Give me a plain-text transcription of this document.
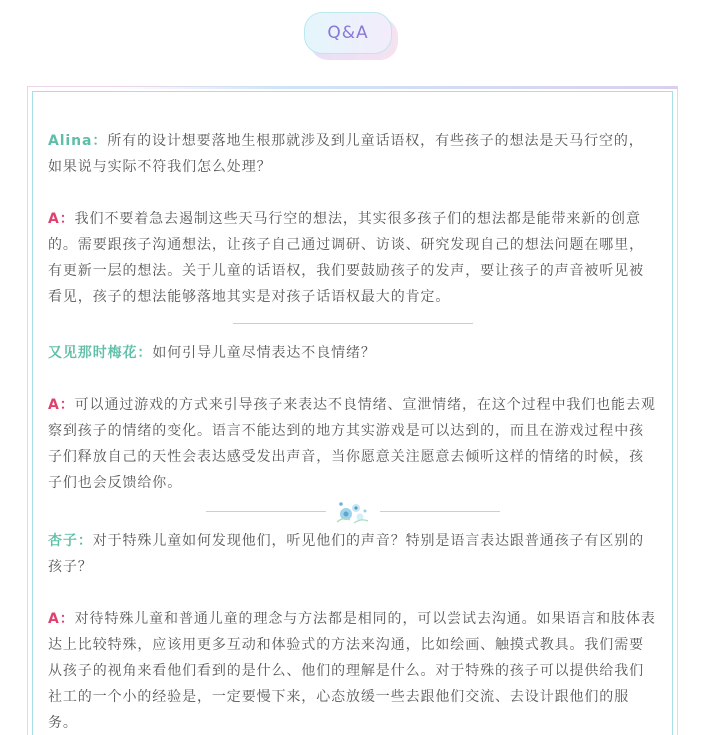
Q&A

Alina：所有的设计想要落地生根那就涉及到儿童话语权，有些孩子的想法是天马行空的，如果说与实际不符我们怎么处理？

A：我们不要着急去遏制这些天马行空的想法，其实很多孩子们的想法都是能带来新的创意的。需要跟孩子沟通想法，让孩子自己通过调研、访谈、研究发现自己的想法问题在哪里，有更新一层的想法。关于儿童的话语权，我们要鼓励孩子的发声，要让孩子的声音被听见被看见，孩子的想法能够落地其实是对孩子话语权最大的肯定。

又见那时梅花：如何引导儿童尽情表达不良情绪？

A：可以通过游戏的方式来引导孩子来表达不良情绪、宣泄情绪，在这个过程中我们也能去观察到孩子的情绪的变化。语言不能达到的地方其实游戏是可以达到的，而且在游戏过程中孩子们释放自己的天性会表达感受发出声音，当你愿意关注愿意去倾听这样的情绪的时候，孩子们也会反馈给你。

杏子：对于特殊儿童如何发现他们，听见他们的声音？特别是语言表达跟普通孩子有区别的孩子？

A：对待特殊儿童和普通儿童的理念与方法都是相同的，可以尝试去沟通。如果语言和肢体表达上比较特殊，应该用更多互动和体验式的方法来沟通，比如绘画、触摸式教具。我们需要从孩子的视角来看他们看到的是什么、他们的理解是什么。对于特殊的孩子可以提供给我们社工的一个小的经验是，一定要慢下来，心态放缓一些去跟他们交流、去设计跟他们的服务。
